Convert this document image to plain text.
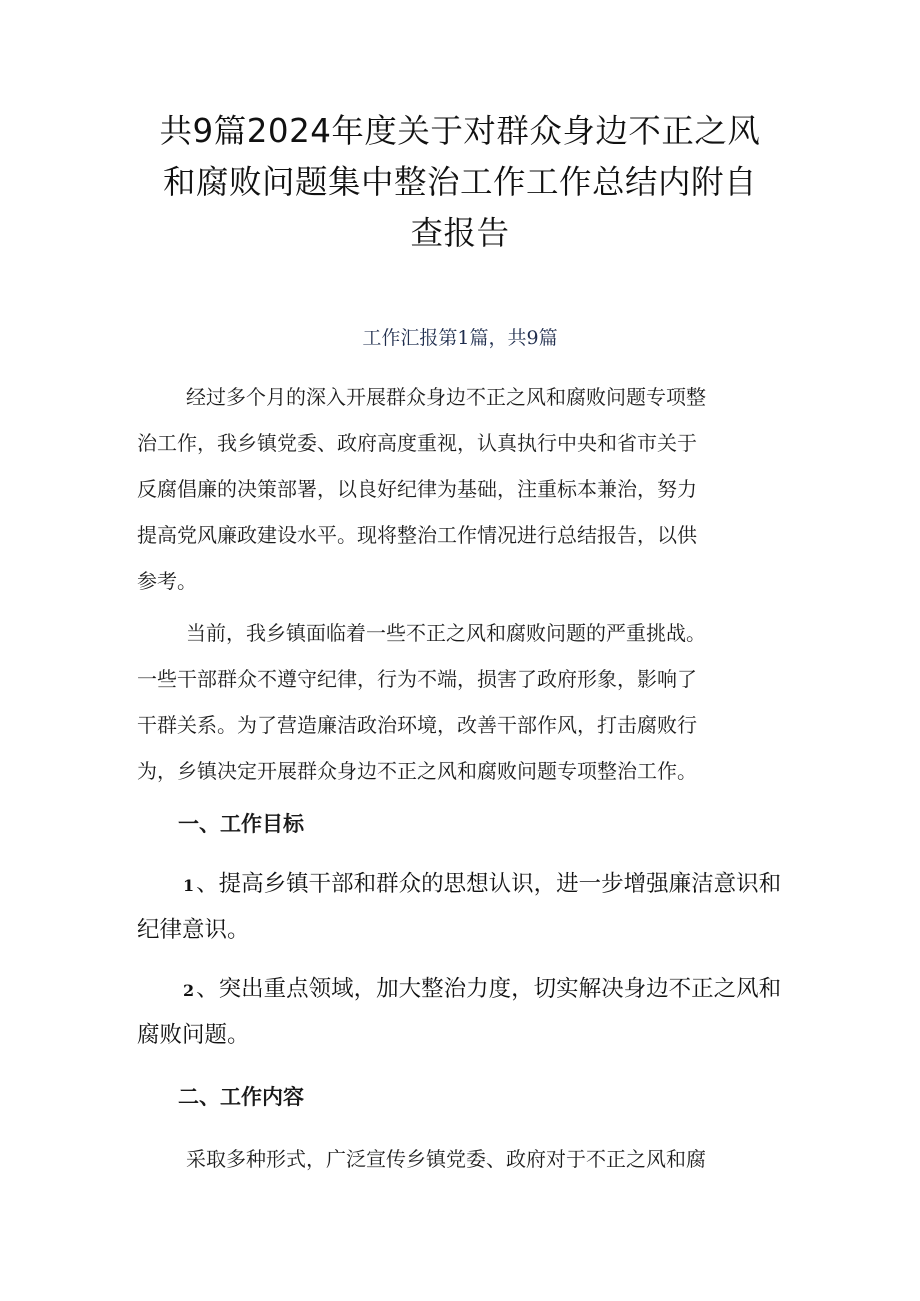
共9篇2024年度关于对群众身边不正之风
和腐败问题集中整治工作工作总结内附自
查报告

工作汇报第1篇，共9篇

经过多个月的深入开展群众身边不正之风和腐败问题专项整
治工作，我乡镇党委、政府高度重视，认真执行中央和省市关于
反腐倡廉的决策部署，以良好纪律为基础，注重标本兼治，努力
提高党风廉政建设水平。现将整治工作情况进行总结报告，以供
参考。

当前，我乡镇面临着一些不正之风和腐败问题的严重挑战。
一些干部群众不遵守纪律，行为不端，损害了政府形象，影响了
干群关系。为了营造廉洁政治环境，改善干部作风，打击腐败行
为，乡镇决定开展群众身边不正之风和腐败问题专项整治工作。

一、工作目标
1、提高乡镇干部和群众的思想认识，进一步增强廉洁意识和
纪律意识。
2、突出重点领域，加大整治力度，切实解决身边不正之风和
腐败问题。
二、工作内容

采取多种形式，广泛宣传乡镇党委、政府对于不正之风和腐
